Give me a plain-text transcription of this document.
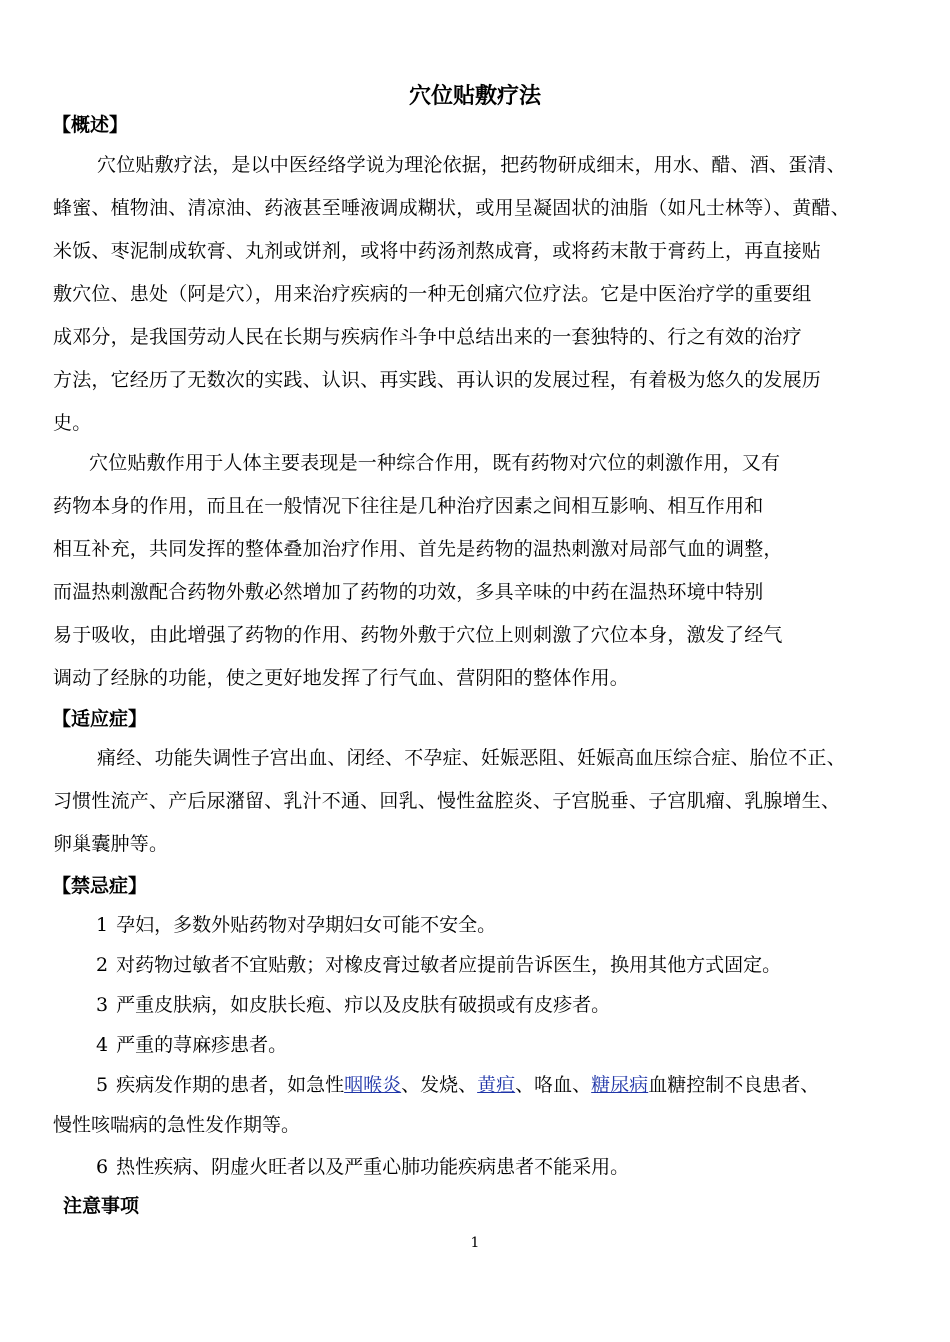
穴位贴敷疗法
【概述】
穴位贴敷疗法，是以中医经络学说为理沦依据，把药物研成细末，用水、醋、酒、蛋清、
蜂蜜、植物油、清凉油、药液甚至唾液调成糊状，或用呈凝固状的油脂（如凡士林等）、黄醋、
米饭、枣泥制成软膏、丸剂或饼剂，或将中药汤剂熬成膏，或将药末散于膏药上，再直接贴
敷穴位、患处（阿是穴），用来治疗疾病的一种无创痛穴位疗法。它是中医治疗学的重要组
成邓分，是我国劳动人民在长期与疾病作斗争中总结出来的一套独特的、行之有效的治疗
方法，它经历了无数次的实践、认识、再实践、再认识的发展过程，有着极为悠久的发展历
史。
穴位贴敷作用于人体主要表现是一种综合作用，既有药物对穴位的刺激作用，又有
药物本身的作用，而且在一般情况下往往是几种治疗因素之间相互影响、相互作用和
相互补充，共同发挥的整体叠加治疗作用、首先是药物的温热刺激对局部气血的调整，
而温热刺激配合药物外敷必然增加了药物的功效，多具辛味的中药在温热环境中特别
易于吸收，由此增强了药物的作用、药物外敷于穴位上则刺激了穴位本身，激发了经气
调动了经脉的功能，使之更好地发挥了行气血、营阴阳的整体作用。
【适应症】
痛经、功能失调性子宫出血、闭经、不孕症、妊娠恶阻、妊娠高血压综合症、胎位不正、
习惯性流产、产后尿潴留、乳汁不通、回乳、慢性盆腔炎、子宫脱垂、子宫肌瘤、乳腺增生、
卵巢囊肿等。
【禁忌症】
1 孕妇，多数外贴药物对孕期妇女可能不安全。
2 对药物过敏者不宜贴敷；对橡皮膏过敏者应提前告诉医生，换用其他方式固定。
3 严重皮肤病，如皮肤长疱、疖以及皮肤有破损或有皮疹者。
4 严重的荨麻疹患者。
5 疾病发作期的患者，如急性咽喉炎、发烧、黄疸、咯血、糖尿病血糖控制不良患者、
慢性咳喘病的急性发作期等。
6 热性疾病、阴虚火旺者以及严重心肺功能疾病患者不能采用。
注意事项
1
